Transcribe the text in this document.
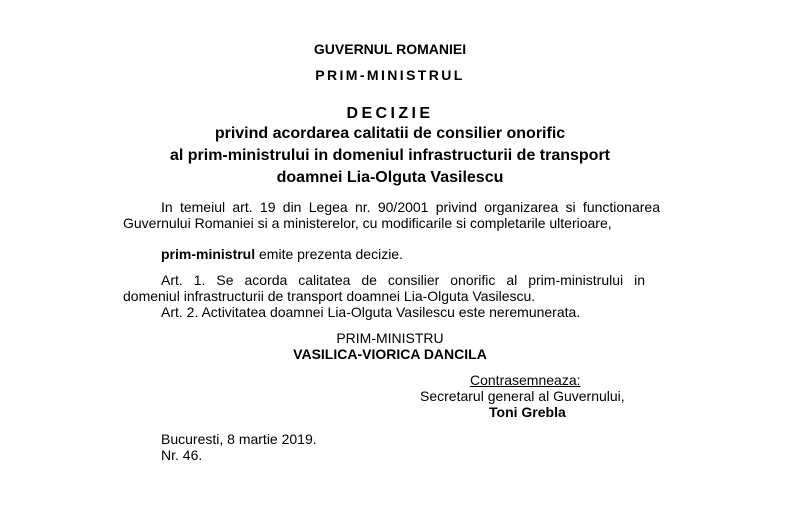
GUVERNUL ROMANIEI
PRIM-MINISTRUL
DECIZIE
privind acordarea calitatii de consilier onorific
al prim-ministrului in domeniul infrastructurii de transport
doamnei Lia-Olguta Vasilescu
In temeiul art. 19 din Legea nr. 90/2001 privind organizarea si functionarea
Guvernului Romaniei si a ministerelor, cu modificarile si completarile ulterioare,
prim-ministrul emite prezenta decizie.
Art. 1. Se acorda calitatea de consilier onorific al prim-ministrului in
domeniul infrastructurii de transport doamnei Lia-Olguta Vasilescu.
Art. 2. Activitatea doamnei Lia-Olguta Vasilescu este neremunerata.
PRIM-MINISTRU
VASILICA-VIORICA DANCILA
Contrasemneaza:
Secretarul general al Guvernului,
Toni Grebla
Bucuresti, 8 martie 2019.
Nr. 46.
